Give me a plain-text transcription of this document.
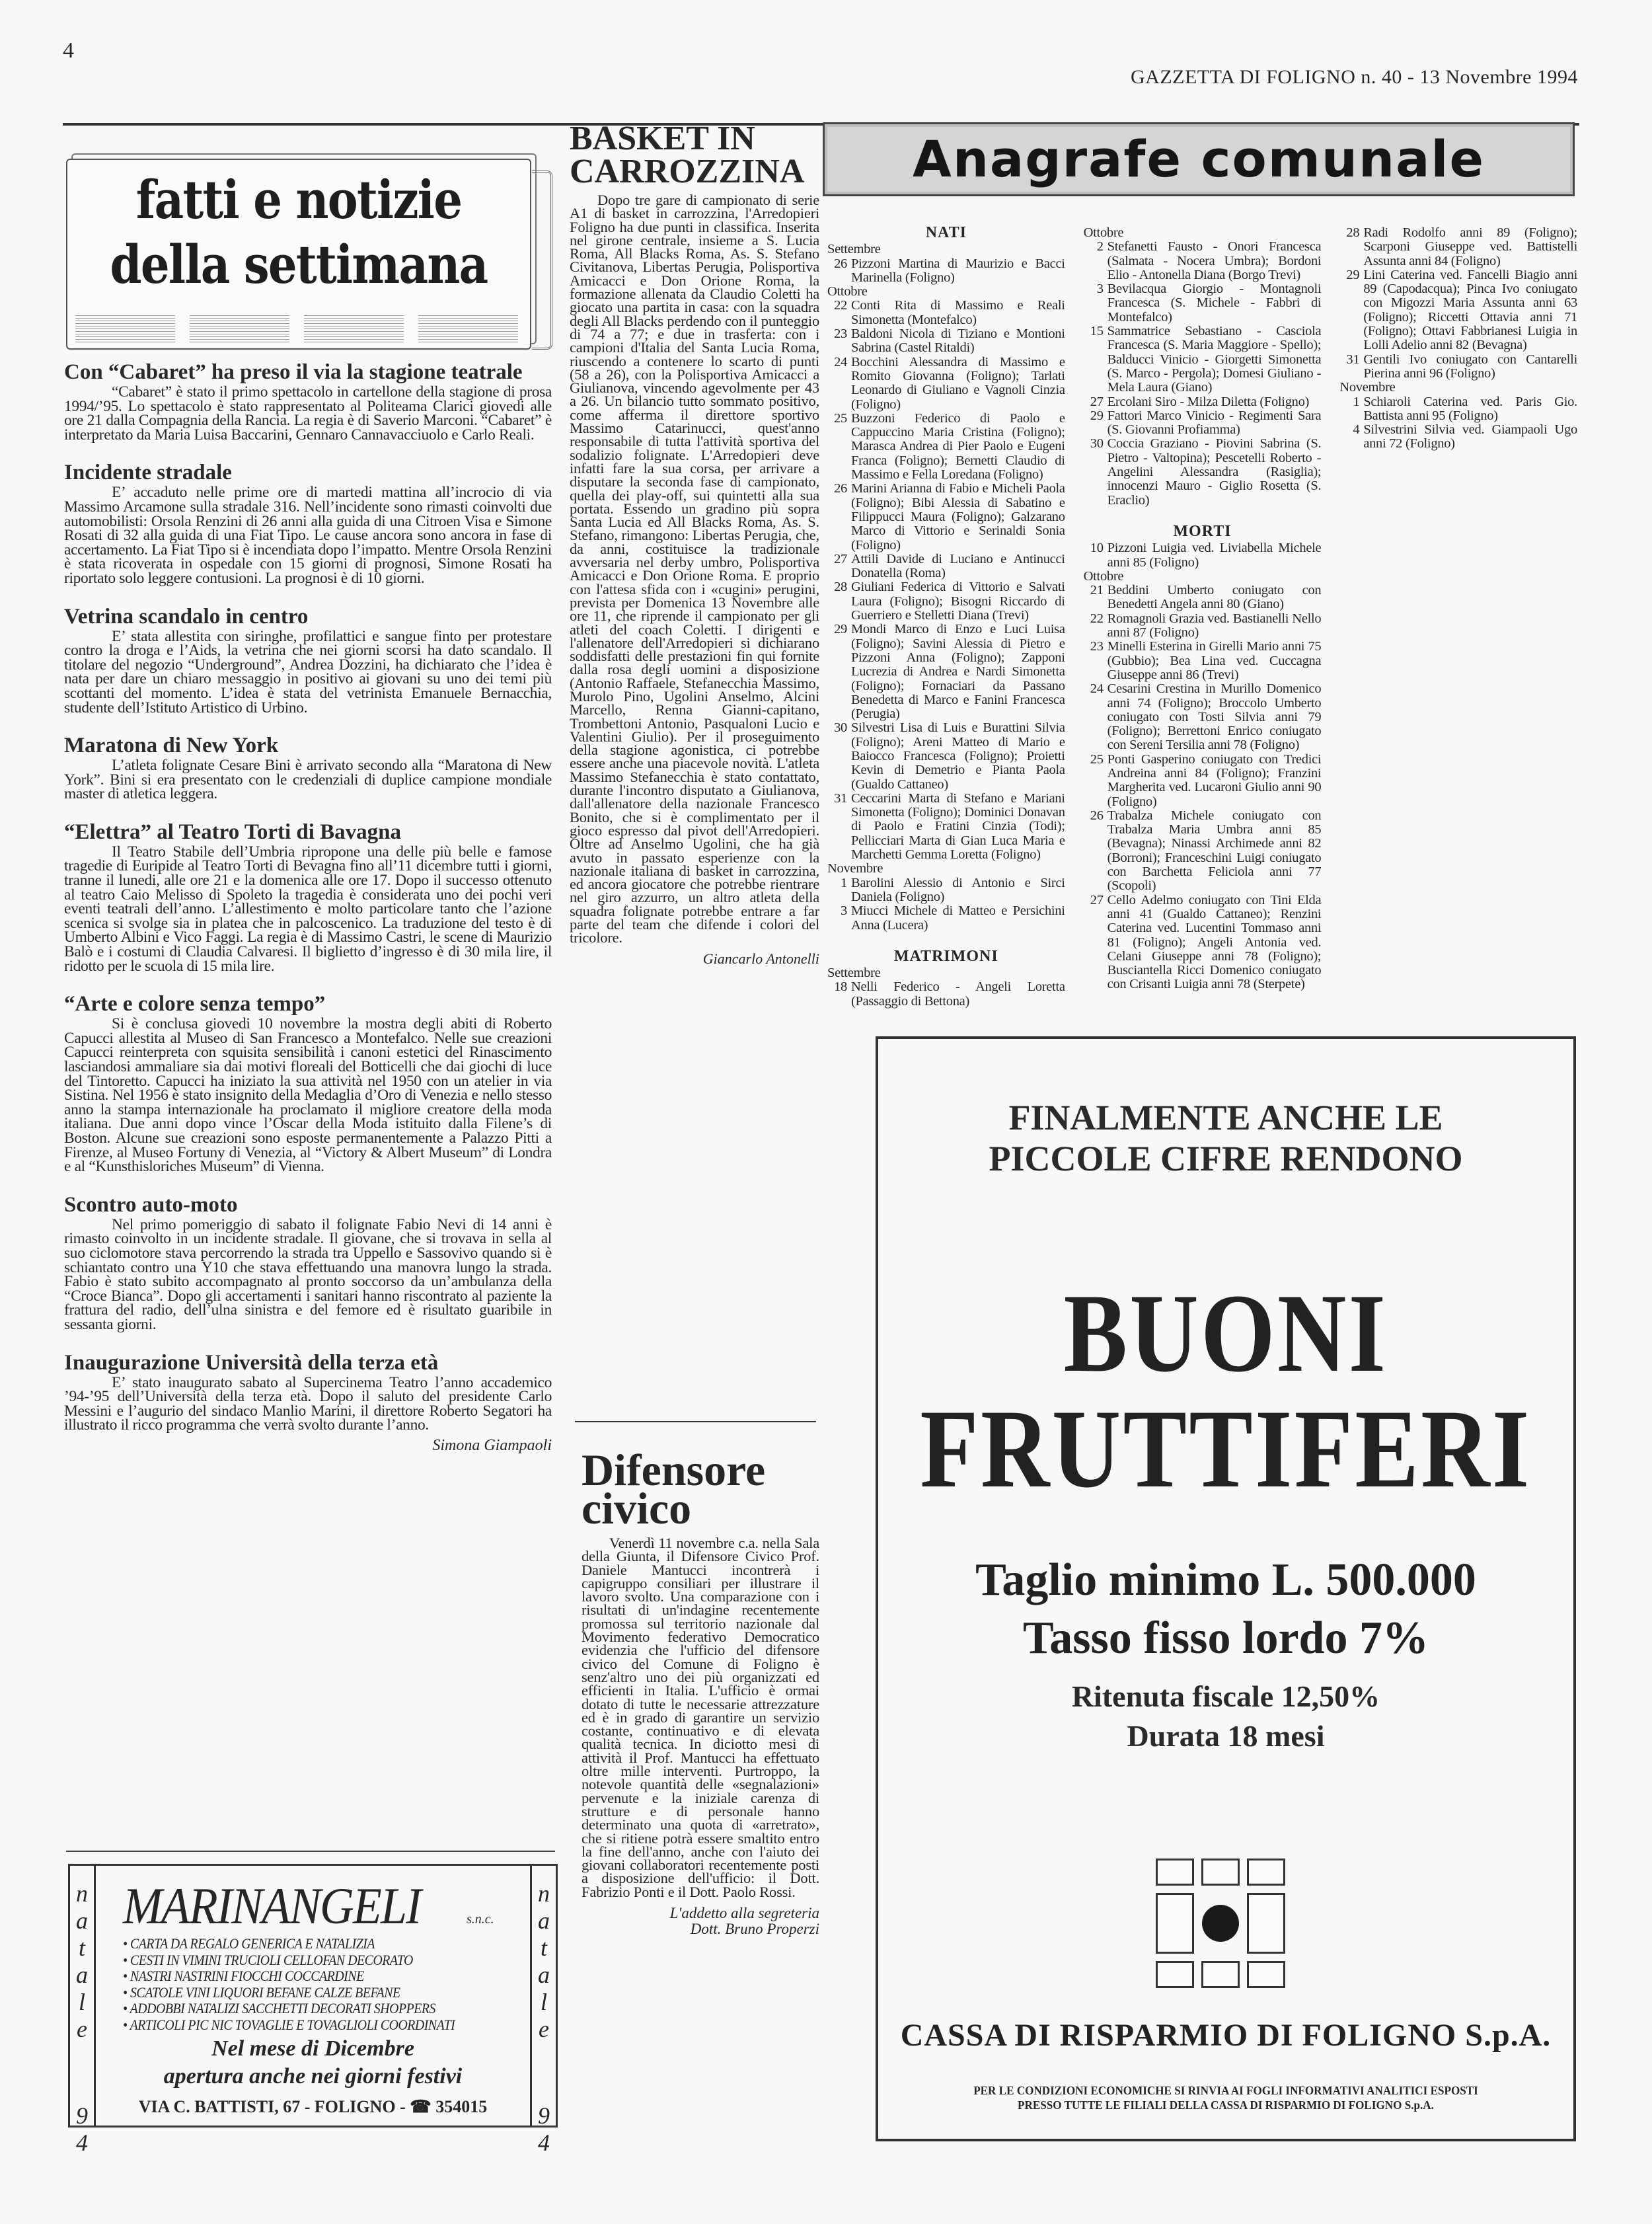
4
GAZZETTA DI FOLIGNO n. 40 - 13 Novembre 1994
fatti e notizie
della settimana
Con “Cabaret” ha preso il via la stagione teatrale

“Cabaret” è stato il primo spettacolo in cartellone della stagione di prosa 1994/’95. Lo spettacolo è stato rappresentato al Politeama Clarici giovedi alle ore 21 dalla Compagnia della Rancia. La regia è di Saverio Marconi. “Cabaret” è interpretato da Maria Luisa Baccarini, Gennaro Cannavacciuolo e Carlo Reali.

Incidente stradale

E’ accaduto nelle prime ore di martedi mattina all’incrocio di via Massimo Arcamone sulla stradale 316. Nell’incidente sono rimasti coinvolti due automobilisti: Orsola Renzini di 26 anni alla guida di una Citroen Visa e Simone Rosati di 32 alla guida di una Fiat Tipo. Le cause ancora sono ancora in fase di accertamento. La Fiat Tipo si è incendiata dopo l’impatto. Mentre Orsola Renzini è stata ricoverata in ospedale con 15 giorni di prognosi, Simone Rosati ha riportato solo leggere contusioni. La prognosi è di 10 giorni.

Vetrina scandalo in centro

E’ stata allestita con siringhe, profilattici e sangue finto per protestare contro la droga e l’Aids, la vetrina che nei giorni scorsi ha dato scandalo. Il titolare del negozio “Underground”, Andrea Dozzini, ha dichiarato che l’idea è nata per dare un chiaro messaggio in positivo ai giovani su uno dei temi più scottanti del momento. L’idea è stata del vetrinista Emanuele Bernacchia, studente dell’Istituto Artistico di Urbino.

Maratona di New York

L’atleta folignate Cesare Bini è arrivato secondo alla “Maratona di New York”. Bini si era presentato con le credenziali di duplice campione mondiale master di atletica leggera.

“Elettra” al Teatro Torti di Bavagna

Il Teatro Stabile dell’Umbria ripropone una delle più belle e famose tragedie di Euripide al Teatro Torti di Bevagna fino all’11 dicembre tutti i giorni, tranne il lunedi, alle ore 21 e la domenica alle ore 17. Dopo il successo ottenuto al teatro Caio Melisso di Spoleto la tragedia è considerata uno dei pochi veri eventi teatrali dell’anno. L’allestimento è molto particolare tanto che l’azione scenica si svolge sia in platea che in palcoscenico. La traduzione del testo è di Umberto Albini e Vico Faggi. La regia è di Massimo Castri, le scene di Maurizio Balò e i costumi di Claudia Calvaresi. Il biglietto d’ingresso è di 30 mila lire, il ridotto per le scuola di 15 mila lire.

“Arte e colore senza tempo”

Si è conclusa giovedi 10 novembre la mostra degli abiti di Roberto Capucci allestita al Museo di San Francesco a Montefalco. Nelle sue creazioni Capucci reinterpreta con squisita sensibilità i canoni estetici del Rinascimento lasciandosi ammaliare sia dai motivi floreali del Botticelli che dai giochi di luce del Tintoretto. Capucci ha iniziato la sua attività nel 1950 con un atelier in via Sistina. Nel 1956 è stato insignito della Medaglia d’Oro di Venezia e nello stesso anno la stampa internazionale ha proclamato il migliore creatore della moda italiana. Due anni dopo vince l’Oscar della Moda istituito dalla Filene’s di Boston. Alcune sue creazioni sono esposte permanentemente a Palazzo Pitti a Firenze, al Museo Fortuny di Venezia, al “Victory & Albert Museum” di Londra e al “Kunsthisloriches Museum” di Vienna.

Scontro auto-moto

Nel primo pomeriggio di sabato il folignate Fabio Nevi di 14 anni è rimasto coinvolto in un incidente stradale. Il giovane, che si trovava in sella al suo ciclomotore stava percorrendo la strada tra Uppello e Sassovivo quando si è schiantato contro una Y10 che stava effettuando una manovra lungo la strada. Fabio è stato subito accompagnato al pronto soccorso da un’ambulanza della “Croce Bianca”. Dopo gli accertamenti i sanitari hanno riscontrato al paziente la frattura del radio, dell’ulna sinistra e del femore ed è risultato guaribile in sessanta giorni.

Inaugurazione Università della terza età

E’ stato inaugurato sabato al Supercinema Teatro l’anno accademico ’94-’95 dell’Università della terza età. Dopo il saluto del presidente Carlo Messini e l’augurio del sindaco Manlio Marini, il direttore Roberto Segatori ha illustrato il ricco programma che verrà svolto durante l’anno.

Simona Giampaoli
n
a
t
a
l
e
9
4
n
a
t
a
l
e
9
4
MARINANGELI	s.n.c.
• CARTA DA REGALO GENERICA E NATALIZIA
• CESTI IN VIMINI TRUCIOLI CELLOFAN DECORATO
• NASTRI NASTRINI FIOCCHI COCCARDINE
• SCATOLE VINI LIQUORI BEFANE CALZE BEFANE
• ADDOBBI NATALIZI SACCHETTI DECORATI SHOPPERS
• ARTICOLI PIC NIC TOVAGLIE E TOVAGLIOLI COORDINATI
Nel mese di Dicembre
apertura anche nei giorni festivi
VIA C. BATTISTI, 67 - FOLIGNO - ☎ 354015
BASKET IN
CARROZZINA

Dopo tre gare di campionato di serie A1 di basket in carrozzina, l'Arredopieri Foligno ha due punti in classifica. Inserita nel girone centrale, insieme a S. Lucia Roma, All Blacks Roma, As. S. Stefano Civitanova, Libertas Perugia, Polisportiva Amicacci e Don Orione Roma, la formazione allenata da Claudio Coletti ha giocato una partita in casa: con la squadra degli All Blacks perdendo con il punteggio di 74 a 77; e due in trasferta: con i campioni d'Italia del Santa Lucia Roma, riuscendo a contenere lo scarto di punti (58 a 26), con la Polisportiva Amicacci a Giulianova, vincendo agevolmente per 43 a 26. Un bilancio tutto sommato positivo, come afferma il direttore sportivo Massimo Catarinucci, quest'anno responsabile di tutta l'attività sportiva del sodalizio folignate. L'Arredopieri deve infatti fare la sua corsa, per arrivare a disputare la seconda fase di campionato, quella dei play-off, sui quintetti alla sua portata. Essendo un gradino più sopra Santa Lucia ed All Blacks Roma, As. S. Stefano, rimangono: Libertas Perugia, che, da anni, costituisce la tradizionale avversaria nel derby umbro, Polisportiva Amicacci e Don Orione Roma. E proprio con l'attesa sfida con i «cugini» perugini, prevista per Domenica 13 Novembre alle ore 11, che riprende il campionato per gli atleti del coach Coletti. I dirigenti e l'allenatore dell'Arredopieri si dichiarano soddisfatti delle prestazioni fin qui fornite dalla rosa degli uomini a disposizione (Antonio Raffaele, Stefanecchia Massimo, Murolo Pino, Ugolini Anselmo, Alcini Marcello, Renna Gianni-capitano, Trombettoni Antonio, Pasqualoni Lucio e Valentini Giulio). Per il proseguimento della stagione agonistica, ci potrebbe essere anche una piacevole novità. L'atleta Massimo Stefanecchia è stato contattato, durante l'incontro disputato a Giulianova, dall'allenatore della nazionale Francesco Bonito, che si è complimentato per il gioco espresso dal pivot dell'Arredopieri. Oltre ad Anselmo Ugolini, che ha già avuto in passato esperienze con la nazionale italiana di basket in carrozzina, ed ancora giocatore che potrebbe rientrare nel giro azzurro, un altro atleta della squadra folignate potrebbe entrare a far parte del team che difende i colori del tricolore.

Giancarlo Antonelli
Difensore
civico

Venerdì 11 novembre c.a. nella Sala della Giunta, il Difensore Civico Prof. Daniele Mantucci incontrerà i capigruppo consiliari per illustrare il lavoro svolto. Una comparazione con i risultati di un'indagine recentemente promossa sul territorio nazionale dal Movimento federativo Democratico evidenzia che l'ufficio del difensore civico del Comune di Foligno è senz'altro uno dei più organizzati ed efficienti in Italia. L'ufficio è ormai dotato di tutte le necessarie attrezzature ed è in grado di garantire un servizio costante, continuativo e di elevata qualità tecnica. In diciotto mesi di attività il Prof. Mantucci ha effettuato oltre mille interventi. Purtroppo, la notevole quantità delle «segnalazioni» pervenute e la iniziale carenza di strutture e di personale hanno determinato una quota di «arretrato», che si ritiene potrà essere smaltito entro la fine dell'anno, anche con l'aiuto dei giovani collaboratori recentemente posti a disposizione dell'ufficio: il Dott. Fabrizio Ponti e il Dott. Paolo Rossi.

L'addetto alla segreteria
Dott. Bruno Properzi
Anagrafe comunale
NATI
Settembre
26 Pizzoni Martina di Maurizio e Bacci Marinella (Foligno)
Ottobre
22 Conti Rita di Massimo e Reali Simonetta (Montefalco)
23 Baldoni Nicola di Tiziano e Montioni Sabrina (Castel Ritaldi)
24 Bocchini Alessandra di Massimo e Romito Giovanna (Foligno); Tarlati Leonardo di Giuliano e Vagnoli Cinzia (Foligno)
25 Buzzoni Federico di Paolo e Cappuccino Maria Cristina (Foligno); Marasca Andrea di Pier Paolo e Eugeni Franca (Foligno); Bernetti Claudio di Massimo e Fella Loredana (Foligno)
26 Marini Arianna di Fabio e Micheli Paola (Foligno); Bibi Alessia di Sabatino e Filippucci Maura (Foligno); Galzarano Marco di Vittorio e Serinaldi Sonia (Foligno)
27 Attili Davide di Luciano e Antinucci Donatella (Roma)
28 Giuliani Federica di Vittorio e Salvati Laura (Foligno); Bisogni Riccardo di Guerriero e Stelletti Diana (Trevi)
29 Mondi Marco di Enzo e Luci Luisa (Foligno); Savini Alessia di Pietro e Pizzoni Anna (Foligno); Zapponi Lucrezia di Andrea e Nardi Simonetta (Foligno); Fornaciari da Passano Benedetta di Marco e Fanini Francesca (Perugia)
30 Silvestri Lisa di Luis e Burattini Silvia (Foligno); Areni Matteo di Mario e Baiocco Francesca (Foligno); Proietti Kevin di Demetrio e Pianta Paola (Gualdo Cattaneo)
31 Ceccarini Marta di Stefano e Mariani Simonetta (Foligno); Dominici Donavan di Paolo e Fratini Cinzia (Todi); Pellicciari Marta di Gian Luca Maria e Marchetti Gemma Loretta (Foligno)
Novembre
1 Barolini Alessio di Antonio e Sirci Daniela (Foligno)
3 Miucci Michele di Matteo e Persichini Anna (Lucera)
MATRIMONI
Settembre
18 Nelli Federico - Angeli Loretta (Passaggio di Bettona)
Ottobre
2 Stefanetti Fausto - Onori Francesca (Salmata - Nocera Umbra); Bordoni Elio - Antonella Diana (Borgo Trevi)
3 Bevilacqua Giorgio - Montagnoli Francesca (S. Michele - Fabbri di Montefalco)
15 Sammatrice Sebastiano - Casciola Francesca (S. Maria Maggiore - Spello); Balducci Vinicio - Giorgetti Simonetta (S. Marco - Pergola); Domesi Giuliano - Mela Laura (Giano)
27 Ercolani Siro - Milza Diletta (Foligno)
29 Fattori Marco Vinicio - Regimenti Sara (S. Giovanni Profiamma)
30 Coccia Graziano - Piovini Sabrina (S. Pietro - Valtopina); Pescetelli Roberto - Angelini Alessandra (Rasiglia); innocenzi Mauro - Giglio Rosetta (S. Eraclio)
MORTI
10 Pizzoni Luigia ved. Liviabella Michele anni 85 (Foligno)
Ottobre
21 Beddini Umberto coniugato con Benedetti Angela anni 80 (Giano)
22 Romagnoli Grazia ved. Bastianelli Nello anni 87 (Foligno)
23 Minelli Esterina in Girelli Mario anni 75 (Gubbio); Bea Lina ved. Cuccagna Giuseppe anni 86 (Trevi)
24 Cesarini Crestina in Murillo Domenico anni 74 (Foligno); Broccolo Umberto coniugato con Tosti Silvia anni 79 (Foligno); Berrettoni Enrico coniugato con Sereni Tersilia anni 78 (Foligno)
25 Ponti Gasperino coniugato con Tredici Andreina anni 84 (Foligno); Franzini Margherita ved. Lucaroni Giulio anni 90 (Foligno)
26 Trabalza Michele coniugato con Trabalza Maria Umbra anni 85 (Bevagna); Ninassi Archimede anni 82 (Borroni); Franceschini Luigi coniugato con Barchetta Feliciola anni 77 (Scopoli)
27 Cello Adelmo coniugato con Tini Elda anni 41 (Gualdo Cattaneo); Renzini Caterina ved. Lucentini Tommaso anni 81 (Foligno); Angeli Antonia ved. Celani Giuseppe anni 78 (Foligno); Busciantella Ricci Domenico coniugato con Crisanti Luigia anni 78 (Sterpete)
28 Radi Rodolfo anni 89 (Foligno); Scarponi Giuseppe ved. Battistelli Assunta anni 84 (Foligno)
29 Lini Caterina ved. Fancelli Biagio anni 89 (Capodacqua); Pinca Ivo coniugato con Migozzi Maria Assunta anni 63 (Foligno); Riccetti Ottavia anni 71 (Foligno); Ottavi Fabbrianesi Luigia in Lolli Adelio anni 82 (Bevagna)
31 Gentili Ivo coniugato con Cantarelli Pierina anni 96 (Foligno)
Novembre
1 Schiaroli Caterina ved. Paris Gio. Battista anni 95 (Foligno)
4 Silvestrini Silvia ved. Giampaoli Ugo anni 72 (Foligno)
FINALMENTE ANCHE LE
PICCOLE CIFRE RENDONO
BUONI
FRUTTIFERI
Taglio minimo L. 500.000
Tasso fisso lordo 7%
Ritenuta fiscale 12,50%
Durata 18 mesi
CASSA DI RISPARMIO DI FOLIGNO S.p.A.
PER LE CONDIZIONI ECONOMICHE SI RINVIA AI FOGLI INFORMATIVI ANALITICI ESPOSTI
PRESSO TUTTE LE FILIALI DELLA CASSA DI RISPARMIO DI FOLIGNO S.p.A.
